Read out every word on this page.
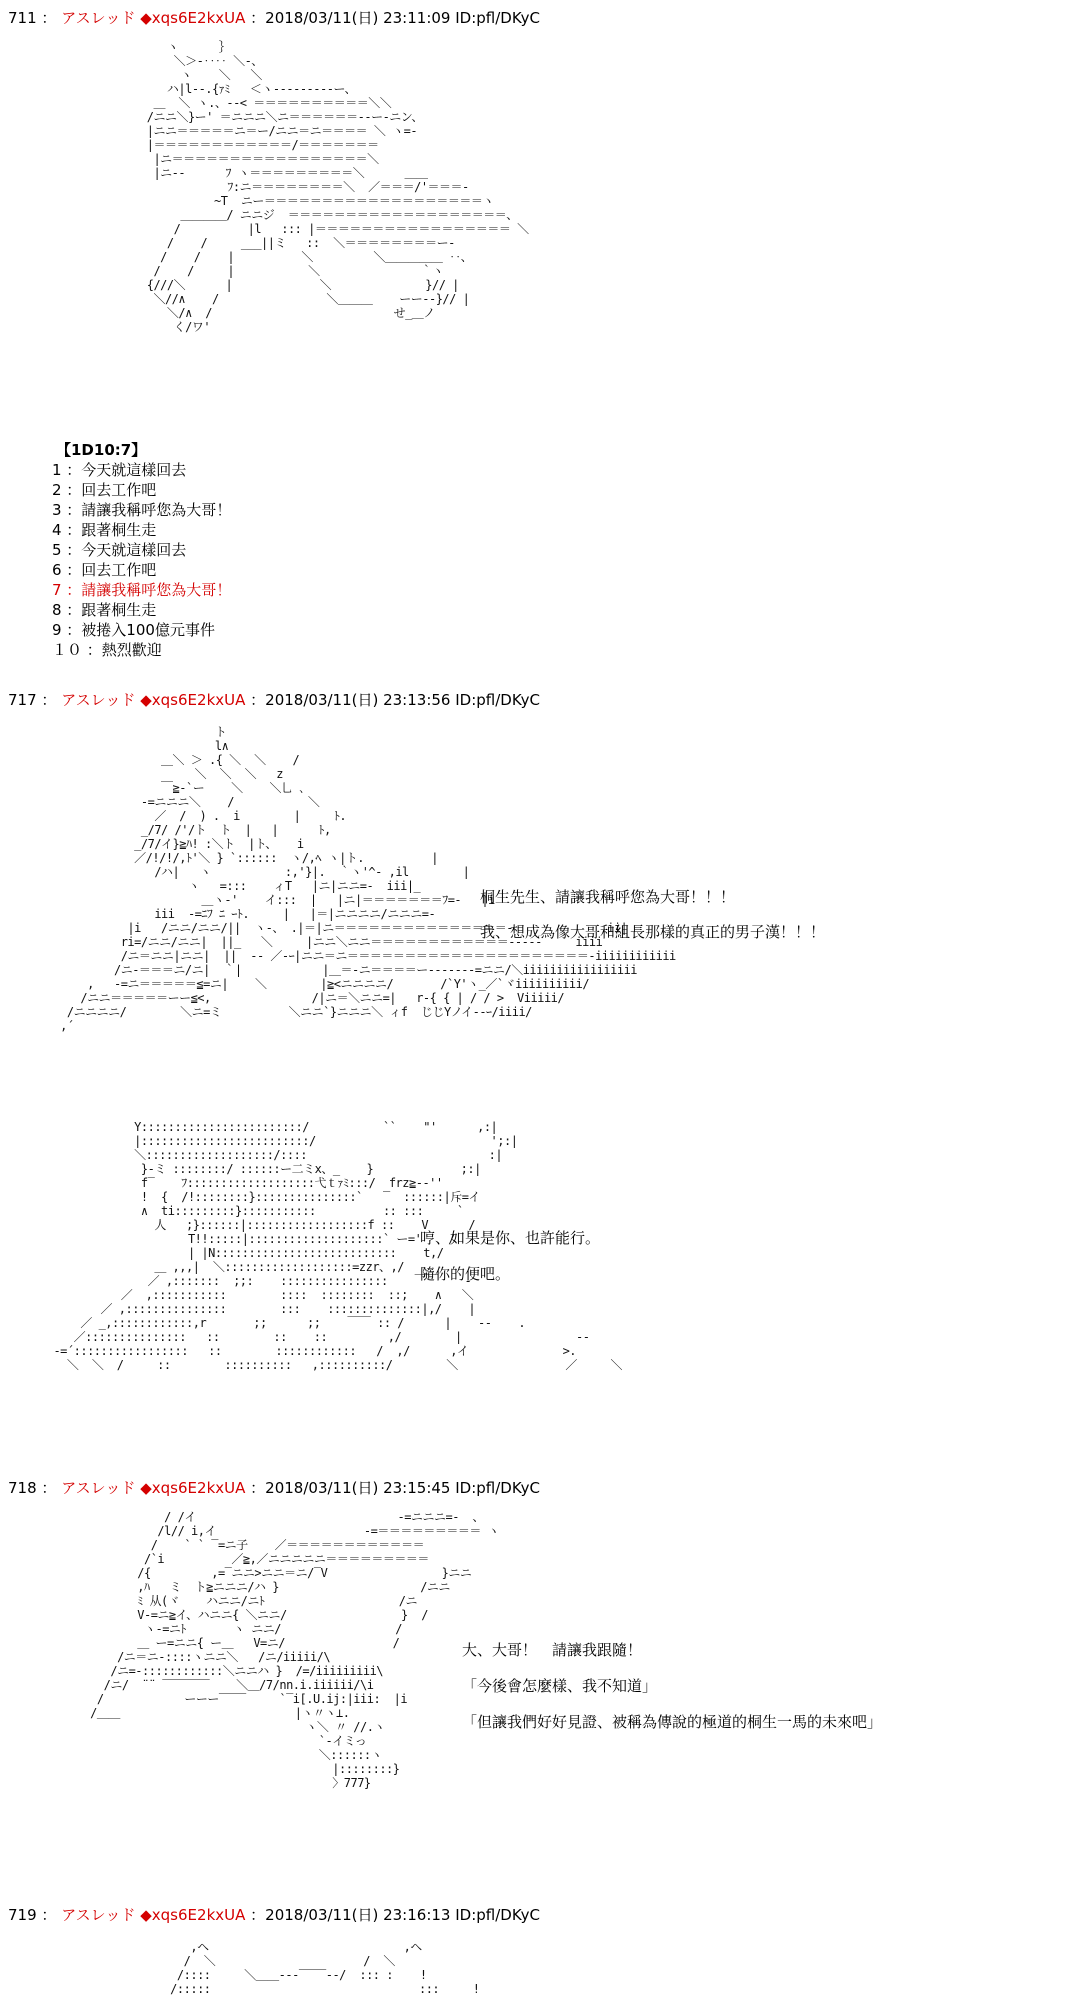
711 ： アスレッド ◆xqs6E2kxUA ：2018/03/11(日) 23:11:09 ID:pfl/DKyC
ヽ      ｝
＼＞-‥‥ ＼-、
ヽ    ＼   ＼
ハ|l--.{ｧﾐ   ＜ヽ---------ー、
＿  ＼ ヽ.、--< ＝＝＝＝＝＝＝＝＝＝＼＼
/ニニ＼}ー' ＝ニニニ＼ニ＝＝＝＝＝＝--ー-ニン、
|ニニ＝＝＝＝＝ニ＝ー/ニニ＝ニ＝＝＝＝ ＼ ヽ=-
|＝＝＝＝＝＝＝＝＝＝＝＝/＝＝＝＝＝＝＝
|ニ＝＝＝＝＝＝＝＝＝＝＝＝＝＝＝＝＝＼
|ニ--      ﾌ ヽ＝＝＝＝＝＝＝＝＝＼      ＿＿
ﾌ:ニ＝＝＝＝＝＝＝＝＼  ／＝＝＝/'＝＝＝-
~T  ニー＝＝＝＝＝＝＝＝＝＝＝＝＝＝＝＝＝＝＝ヽ
＿＿＿＿/ ニニジ  ＝＝＝＝＝＝＝＝＝＝＝＝＝＝＝＝＝＝＝、
/          |l   ::: |＝＝＝＝＝＝＝＝＝＝＝＝＝＝＝＝＝ ＼
/    /     ___||ミ   ::  ＼＝＝＝＝＝＝＝＝ー-
/    /    |          ＼         ＼＿＿＿＿＿ ‥、
/    /     |           ＼               ｀ヽ
{///＼      |             ＼              }// |
＼//∧    /                ＼＿＿＿    ーー--}// |
＼/∧  /                           せ_＿ノ
く/ワ'
【1D10:7】
1 ：今天就這樣回去
2 ：回去工作吧
3 ：請讓我稱呼您為大哥！
4 ：跟著桐生走
5 ：今天就這樣回去
6 ：回去工作吧
7 ：請讓我稱呼您為大哥！
8 ：跟著桐生走
9 ：被捲入100億元事件
１０ ：熱烈歡迎
717 ： アスレッド ◆xqs6E2kxUA ：2018/03/11(日) 23:13:56 ID:pfl/DKyC
ト
l∧
＿＼ ＞ .{ ＼  ＼    /
＼  ＼  ＼   z
￣≧-`ー    ＼    ＼乚 ､
-=ニニニ＼    /           ＼
／  /  ) .  i        |     ﾄ.
_/7/ /'/ト  ト  |   |      ﾄ,
_/7/イ}≧ﾊ! :＼ト  |ト、   i
／/!/!/,ﾄ'＼ } `::::::  ヽ/,ﾍ ヽ|ト.          |
/ハ|   ヽ           :,'}|.  ｀ヽ'^- ,il        |
ヽ   =:::    ィT   |ニ|ニニ=-  iii|_
＿ヽ-'    イ:::  |   |ニ|＝＝＝＝＝＝＝ﾌ=-   |i
iii  -=ﾆﾌ ﾆ ｰﾄ.     |   |＝|ニニニニ/ニニニ=-
|i   /ニニ/ニニ/||  ヽ-、 .|＝|ニ＝＝＝＝＝＝＝＝＝＝＝＝＝＝＝-              ii|
ri=/ニニ/ニニ|  ||_   ＼     |ニニ＼ニニ＝＝＝＝＝＝＝＝＝＝＝＝-----     iiii
/ニ＝ニニ|ニニ|  ||  -- ／-ｰ|ニニ＝ニ＝＝＝＝＝＝＝＝＝＝＝＝＝＝＝＝＝＝＝＝＝-iiiiiiiiiiii
/ニ-＝＝＝ニ/ニ|  ｀|            |＿＝-ニ＝＝＝＝ー-------=ニニ/＼iiiiiiiiiiiiiiiii
,   -=ニ＝＝＝＝＝≦=ニ|    ＼        |≧<ニニニニ/       /`Y'ヽ_／`ヾiiiiiiiiii/
/ニニ＝＝＝＝＝ーー≦<,               /|ニ＝＼ニニ=|   r-{ { | / / >  Viiiii/
/ニニニニ/        ＼ニ=ミ          ＼ニニ`}ニニニ＼ ィf  じじYノイ--ｰ/iiii/
,´
桐生先生、請讓我稱呼您為大哥！！！
我、想成為像大哥和組長那樣的真正的男子漢！！！
Y::::::::::::::::::::::::/           ``    "'      ,:|
|:::::::::::::::::::::::::/                          ';:|
＼:::::::::::::::::::/::::                           :|
}-ミ ::::::::/ ::::::ー二ミx、_    }             ;:|
f‾    ﾌ:::::::::::::::::::弋ｔｧﾐ:::/  frz≧-‐''
!  {  /!::::::::}:::::::::::::::`   ‾  ::::::|斥=イ
∧  ti:::::::::}:::::::::::          :: :::     `
人   ;}::::::|::::::::::::::::::f ::    V      /
T!!:::::|::::::::::::::::::::` ー='    /
| |N:::::::::::::::::::::::::::    t,/
＿ ,,,|  ＼:::::::::::::::::::=zzr、,/
／ ,:::::::  ;;:    ::::::::::::::::    ￣￣    -
／  ,:::::::::::        ::::  ::::::::  ::;    ∧   ＼
／ ,:::::::::::::::        :::    ::::::::::::::|,/    |
／ _,::::::::::::,r       ;;      ;;    ￣￣ :: /      |    --    .
／:::::::::::::::   ::        ::    ::         ,/        |                 --
-=´:::::::::::::::::   ::        ::::::::::::   /  ,/      ,イ              >.
＼  ＼  /     ::        ::::::::::   ,::::::::::/        ＼                ／     ＼
哼、如果是你、也許能行。
隨你的便吧。
718 ： アスレッド ◆xqs6E2kxUA ：2018/03/11(日) 23:15:45 ID:pfl/DKyC
/ /イ                              -=ニニニ=-  、
/l// i,イ                      -=＝＝＝＝＝＝＝＝＝ ヽ
/    ` ` ‾=ニ子    ／＝＝＝＝＝＝＝＝＝＝＝＝
/`i          ／≧,／ニニニニニ＝＝＝＝＝＝＝＝＝
/{         ,=‾ニニ>ニニ＝ニ/‾V                 }ニニ
,ﾊ   ミ  ト≧ニニニ/ハ }                     /ニニ
ﾐ 从(ヾ    ハニニ/ニﾄ                    /ニ
V-=ニ≧イ、ハニニ{ ＼ニニ/                 }  /
ヽ-=ニﾄ       ヽ ニニ/                 /
＿ ー=ニニ{ ー＿   V=ニ/                /
/ニ＝ニ-::::ヽニニ＼   /ニ/iiiii/\
/ニ=-::::::::::::＼ニニハ }  /=/iiiiiiiii\
/ニ/  ¨¨ ‾‾‾‾‾‾‾    ＼＿/7/nn.i.iiiiii/\i
/            ーーー‾‾‾‾     `‾i[.U.ij:|iii:  |i
/＿＿                          |ヽ〃ヽ⊥.
ヽ＼ 〃 //.ヽ
`-イミっ
＼::::::ヽ
|::::::::}
〉777}
大、大哥！　請讓我跟隨！
「今後會怎麼樣、我不知道」
「但讓我們好好見證、被稱為傳說的極道的桐生一馬的未來吧」
719 ： アスレッド ◆xqs6E2kxUA ：2018/03/11(日) 23:16:13 ID:pfl/DKyC
,ヘ                             ,ヘ
/  ＼                      /  ＼
/::::     ＼＿＿---‾‾‾‾--/  ::: :    !
/:::::                               :::     !
